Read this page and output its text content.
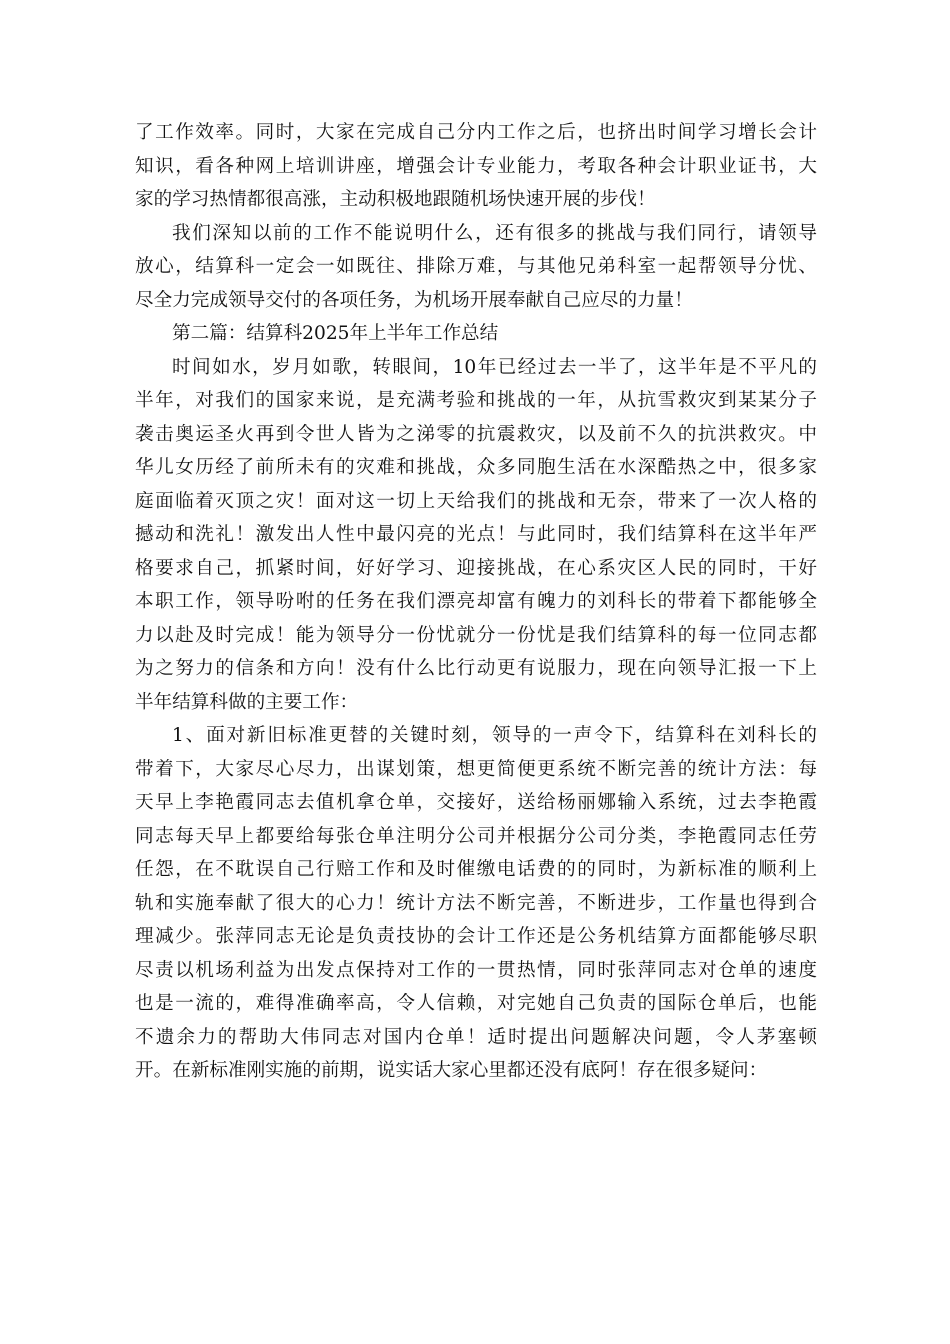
了工作效率。同时，大家在完成自己分内工作之后，也挤出时间学习增长会计
知识，看各种网上培训讲座，增强会计专业能力，考取各种会计职业证书，大
家的学习热情都很高涨，主动积极地跟随机场快速开展的步伐！
我们深知以前的工作不能说明什么，还有很多的挑战与我们同行，请领导
放心，结算科一定会一如既往、排除万难，与其他兄弟科室一起帮领导分忧、
尽全力完成领导交付的各项任务，为机场开展奉献自己应尽的力量！
第二篇：结算科2025年上半年工作总结
时间如水，岁月如歌，转眼间，10年已经过去一半了，这半年是不平凡的
半年，对我们的国家来说，是充满考验和挑战的一年，从抗雪救灾到某某分子
袭击奥运圣火再到令世人皆为之涕零的抗震救灾，以及前不久的抗洪救灾。中
华儿女历经了前所未有的灾难和挑战，众多同胞生活在水深酷热之中，很多家
庭面临着灭顶之灾！面对这一切上天给我们的挑战和无奈，带来了一次人格的
撼动和洗礼！激发出人性中最闪亮的光点！与此同时，我们结算科在这半年严
格要求自己，抓紧时间，好好学习、迎接挑战，在心系灾区人民的同时，干好
本职工作，领导吩咐的任务在我们漂亮却富有魄力的刘科长的带着下都能够全
力以赴及时完成！能为领导分一份忧就分一份忧是我们结算科的每一位同志都
为之努力的信条和方向！没有什么比行动更有说服力，现在向领导汇报一下上
半年结算科做的主要工作：
1、面对新旧标准更替的关键时刻，领导的一声令下，结算科在刘科长的
带着下，大家尽心尽力，出谋划策，想更简便更系统不断完善的统计方法：每
天早上李艳霞同志去值机拿仓单，交接好，送给杨丽娜输入系统，过去李艳霞
同志每天早上都要给每张仓单注明分公司并根据分公司分类，李艳霞同志任劳
任怨，在不耽误自己行赔工作和及时催缴电话费的的同时，为新标准的顺利上
轨和实施奉献了很大的心力！统计方法不断完善，不断进步，工作量也得到合
理减少。张萍同志无论是负责技协的会计工作还是公务机结算方面都能够尽职
尽责以机场利益为出发点保持对工作的一贯热情，同时张萍同志对仓单的速度
也是一流的，难得准确率高，令人信赖，对完她自己负责的国际仓单后，也能
不遗余力的帮助大伟同志对国内仓单！适时提出问题解决问题，令人茅塞顿
开。在新标准刚实施的前期，说实话大家心里都还没有底阿！存在很多疑问：
